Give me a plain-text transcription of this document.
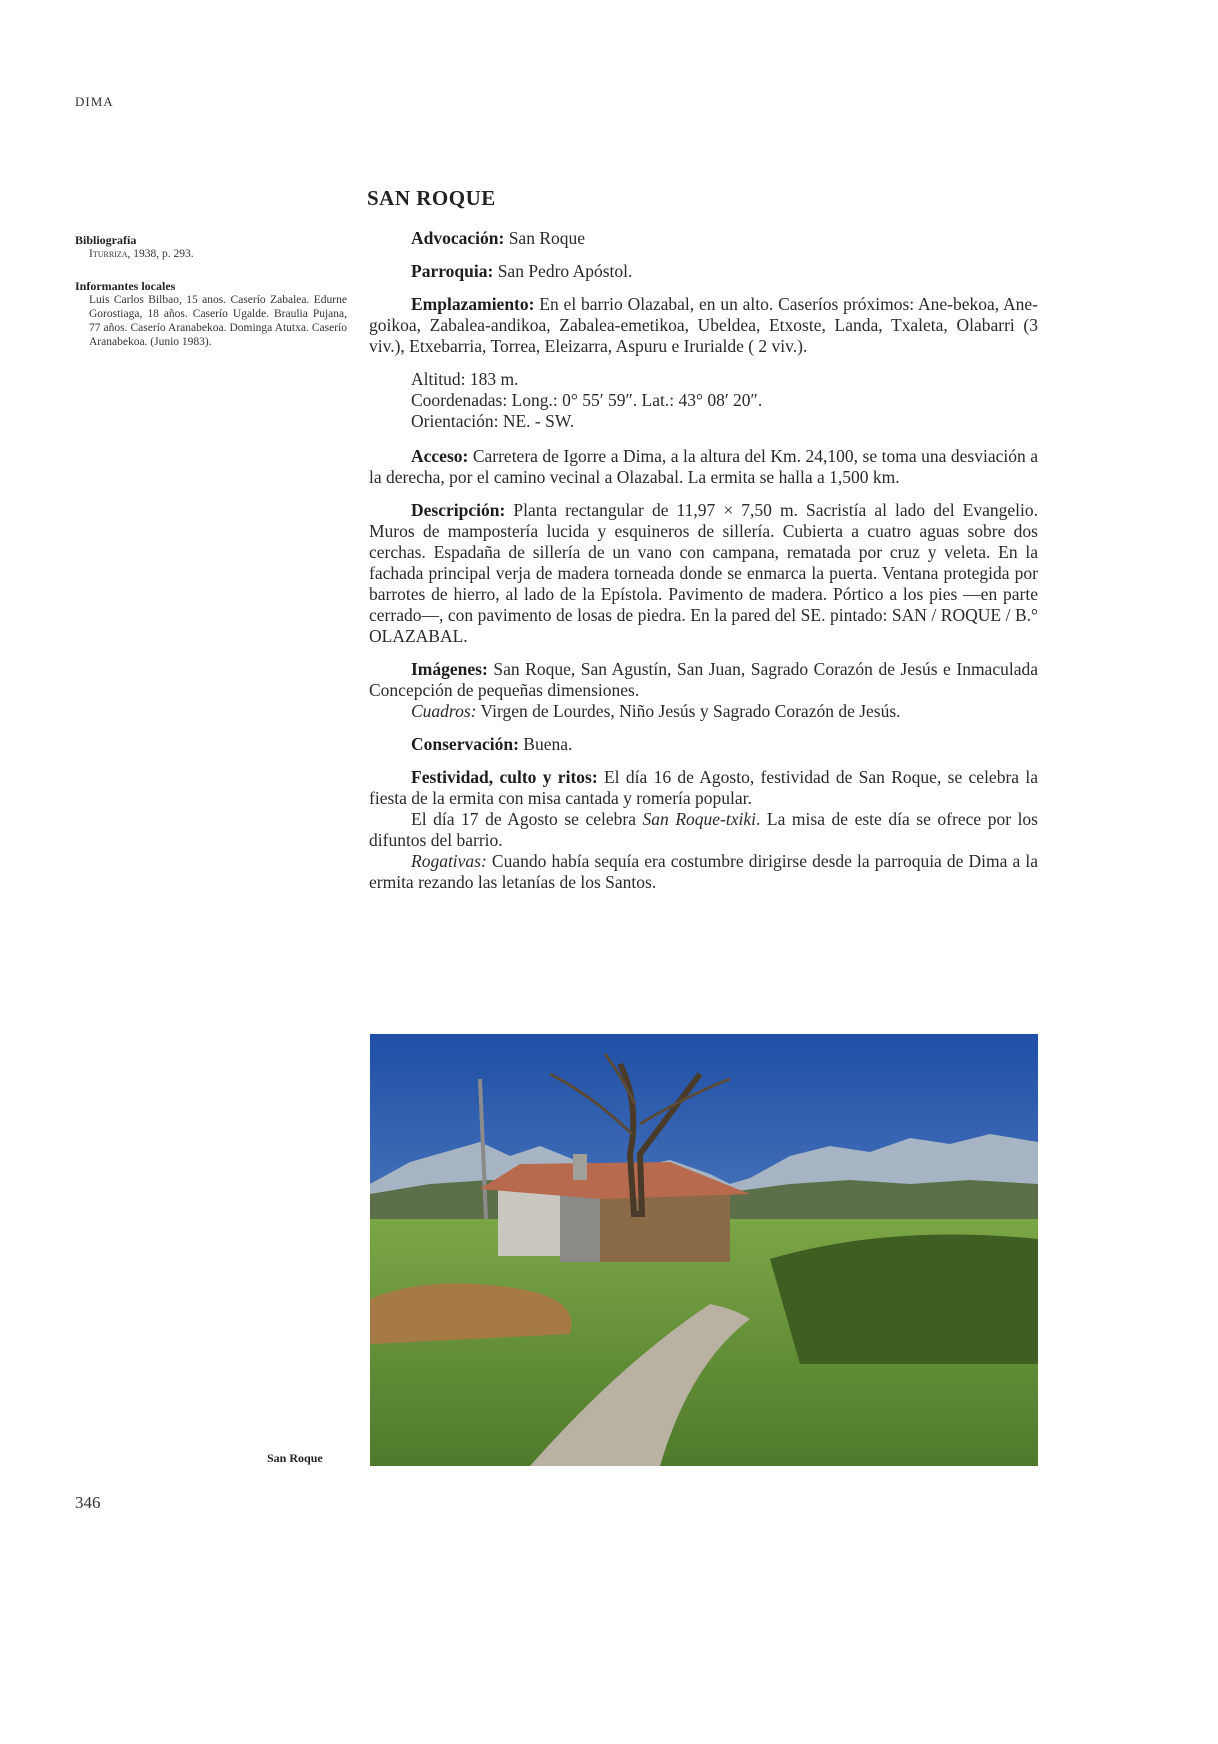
DIMA
Bibliografía
Iturriza, 1938, p. 293.
Informantes locales
Luis Carlos Bilbao, 15 anos. Caserío Zabalea. Edurne Gorostiaga, 18 años. Caserío Ugalde. Braulia Pujana, 77 años. Caserío Aranabekoa. Dominga Atutxa. Caserío Aranabekoa. (Junio 1983).
SAN ROQUE

Advocación: San Roque

Parroquia: San Pedro Apóstol.

Emplazamiento: En el barrio Olazabal, en un alto. Caseríos próximos: Ane-bekoa, Ane-goikoa, Zabalea-andikoa, Zabalea-emetikoa, Ubeldea, Etxoste, Landa, Txaleta, Olabarri (3 viv.), Etxebarria, Torrea, Eleizarra, Aspuru e Irurialde ( 2 viv.).

Altitud: 183 m.
Coordenadas: Long.: 0° 55′ 59″. Lat.: 43° 08′ 20″.
Orientación: NE. - SW.

Acceso: Carretera de Igorre a Dima, a la altura del Km. 24,100, se toma una desviación a la derecha, por el camino vecinal a Olazabal. La ermita se halla a 1,500 km.

Descripción: Planta rectangular de 11,97 × 7,50 m. Sacristía al lado del Evangelio. Muros de mampostería lucida y esquineros de sillería. Cubierta a cuatro aguas sobre dos cerchas. Espadaña de sillería de un vano con campana, rematada por cruz y veleta. En la fachada principal verja de madera torneada donde se enmarca la puerta. Ventana protegida por barrotes de hierro, al lado de la Epístola. Pavimento de madera. Pórtico a los pies —en parte cerrado—, con pavimento de losas de piedra. En la pared del SE. pintado: SAN / ROQUE / B.° OLAZABAL.

Imágenes: San Roque, San Agustín, San Juan, Sagrado Corazón de Jesús e Inmaculada Concepción de pequeñas dimensiones.

Cuadros: Virgen de Lourdes, Niño Jesús y Sagrado Corazón de Jesús.

Conservación: Buena.

Festividad, culto y ritos: El día 16 de Agosto, festividad de San Roque, se celebra la fiesta de la ermita con misa cantada y romería popular.

El día 17 de Agosto se celebra San Roque-txiki. La misa de este día se ofrece por los difuntos del barrio.

Rogativas: Cuando había sequía era costumbre dirigirse desde la parroquia de Dima a la ermita rezando las letanías de los Santos.

San Roque
346
